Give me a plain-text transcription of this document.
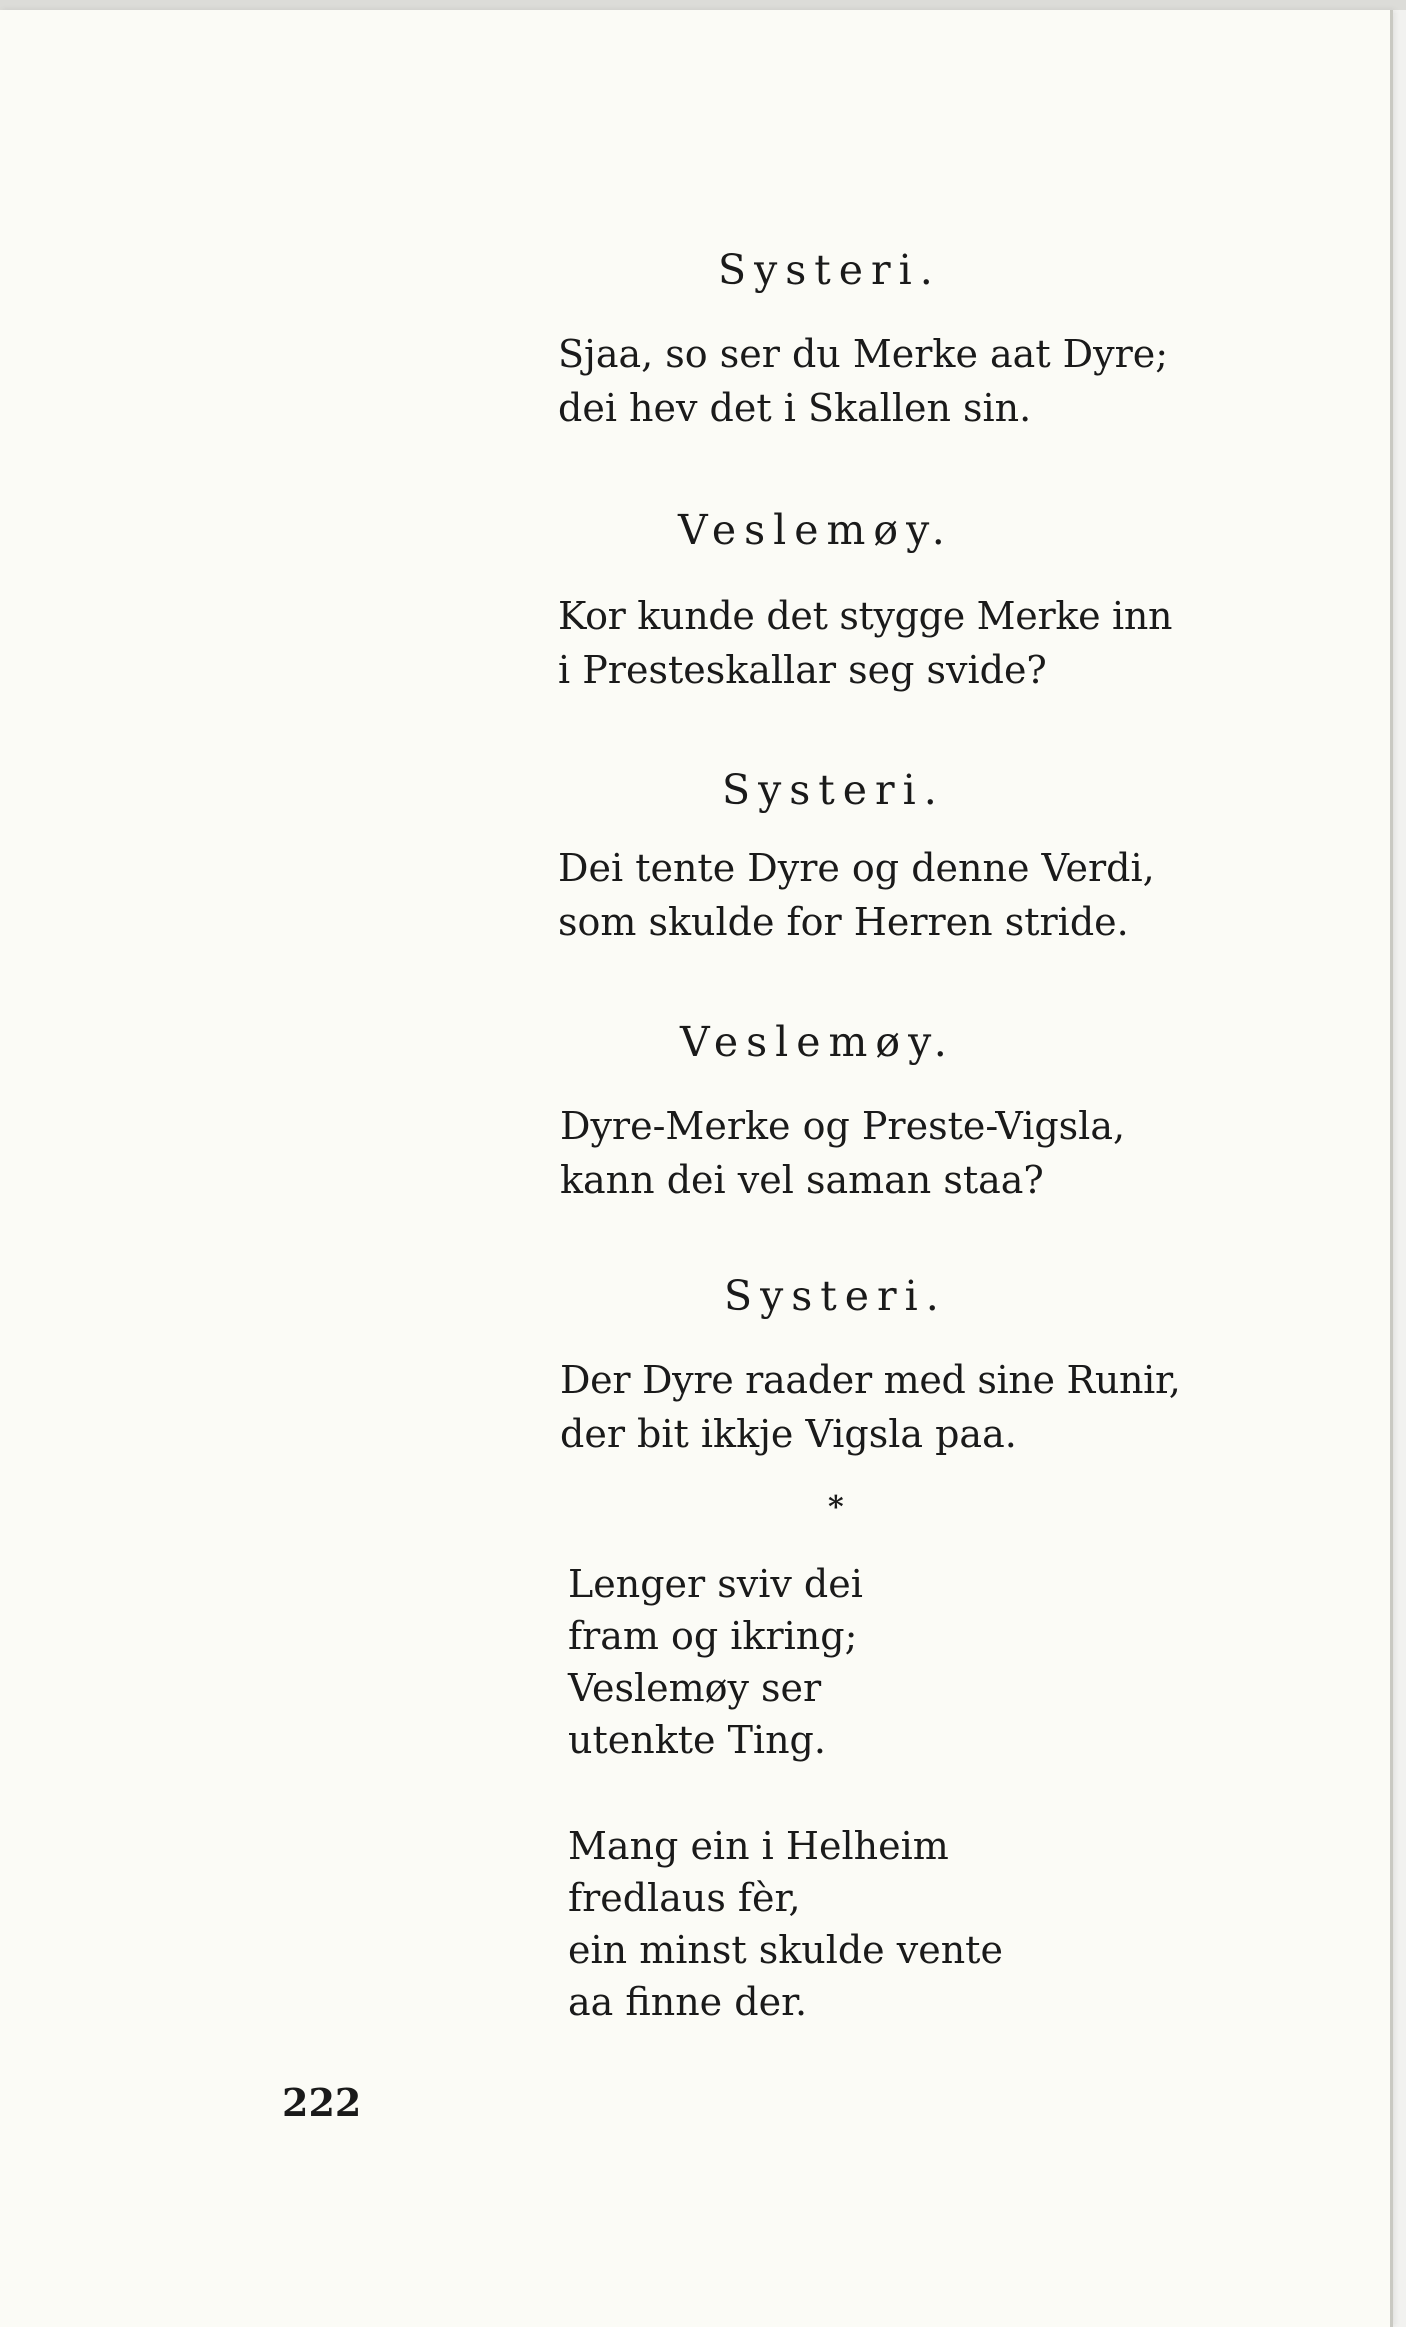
Systeri.
Sjaa, so ser du Merke aat Dyre;
dei hev det i Skallen sin.
Veslemøy.
Kor kunde det stygge Merke inn
i Presteskallar seg svide?
Systeri.
Dei tente Dyre og denne Verdi,
som skulde for Herren stride.
Veslemøy.
Dyre-Merke og Preste-Vigsla,
kann dei vel saman staa?
Systeri.
Der Dyre raader med sine Runir,
der bit ikkje Vigsla paa.
*
Lenger sviv dei
fram og ikring;
Veslemøy ser
utenkte Ting.
Mang ein i Helheim
fredlaus fèr,
ein minst skulde vente
aa finne der.
222
